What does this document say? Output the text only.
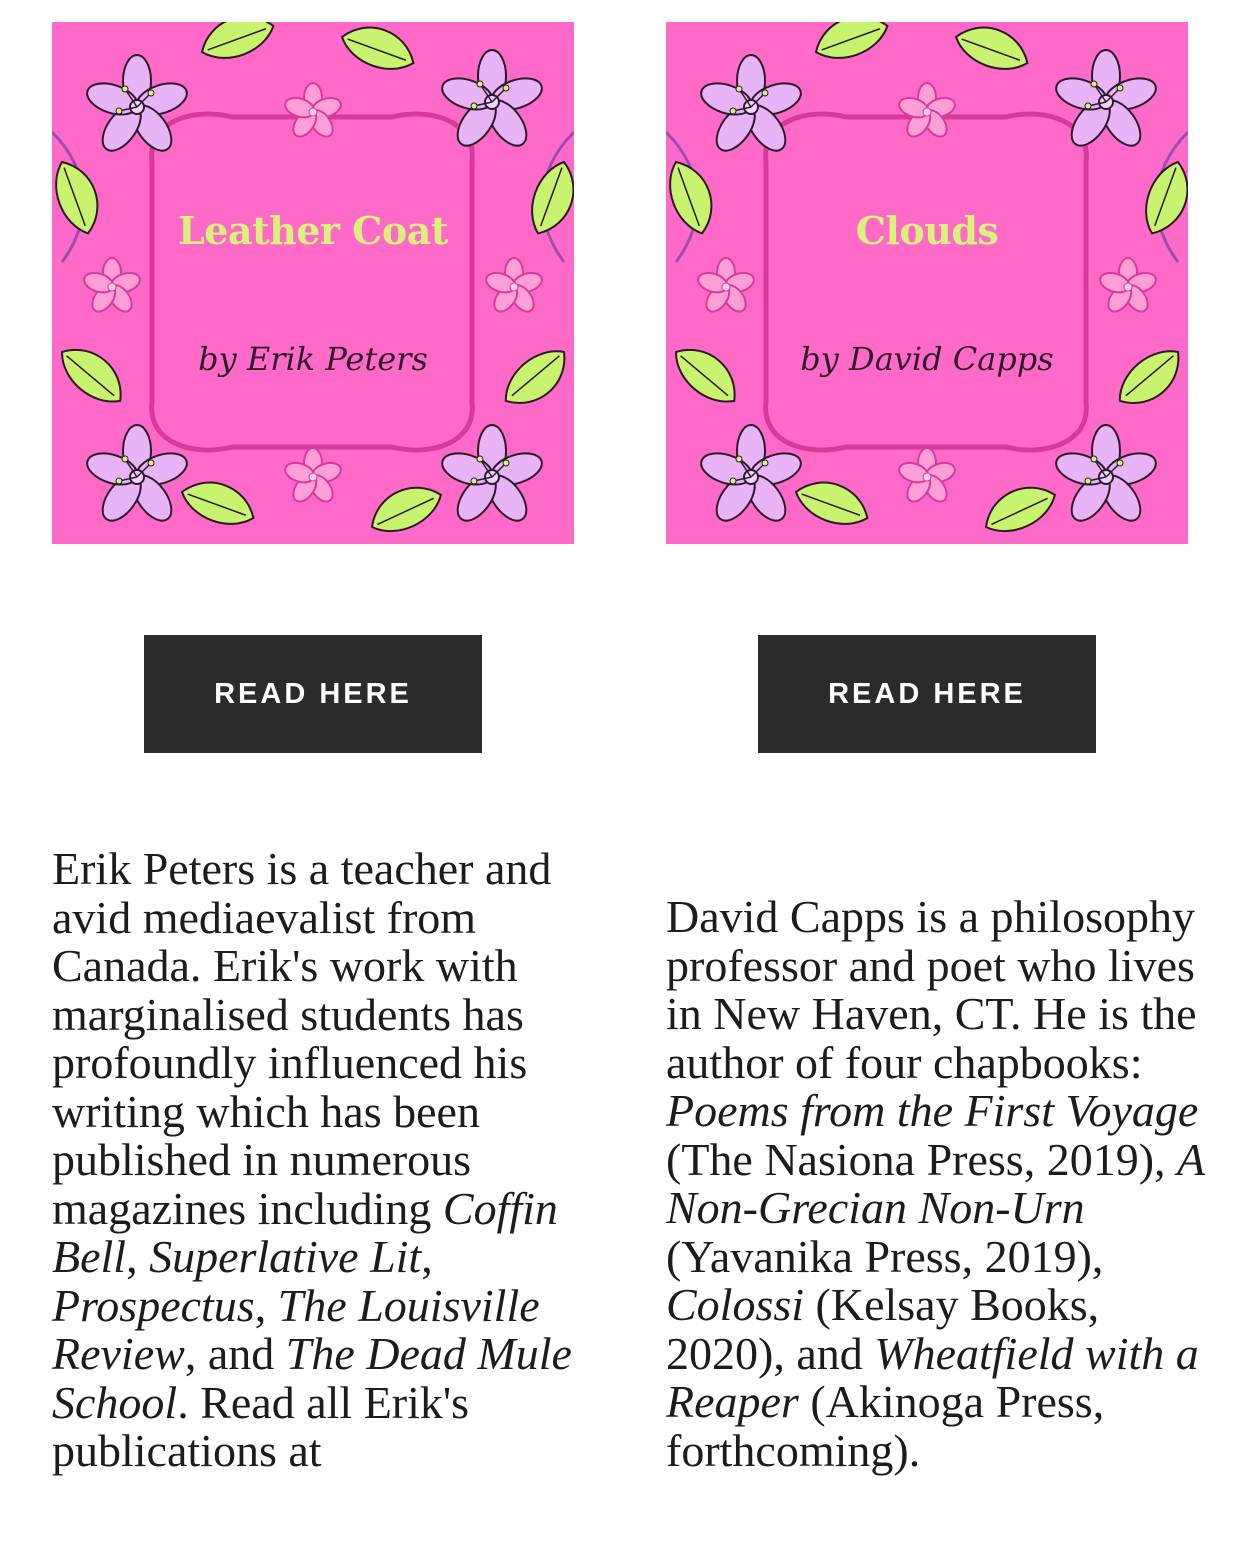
Leather Coat
by Erik Peters
READ HERE

Erik Peters is a teacher and avid mediaevalist from Canada. Erik's work with marginalised students has profoundly influenced his writing which has been published in numerous magazines including Coffin Bell, Superlative Lit, Prospectus, The Louisville Review, and The Dead Mule School. Read all Erik's publications at

Clouds
by David Capps
READ HERE

David Capps is a philosophy professor and poet who lives in New Haven, CT. He is the author of four chapbooks: Poems from the First Voyage (The Nasiona Press, 2019), A Non-Grecian Non-Urn (Yavanika Press, 2019), Colossi (Kelsay Books, 2020), and Wheatfield with a Reaper (Akinoga Press, forthcoming).
